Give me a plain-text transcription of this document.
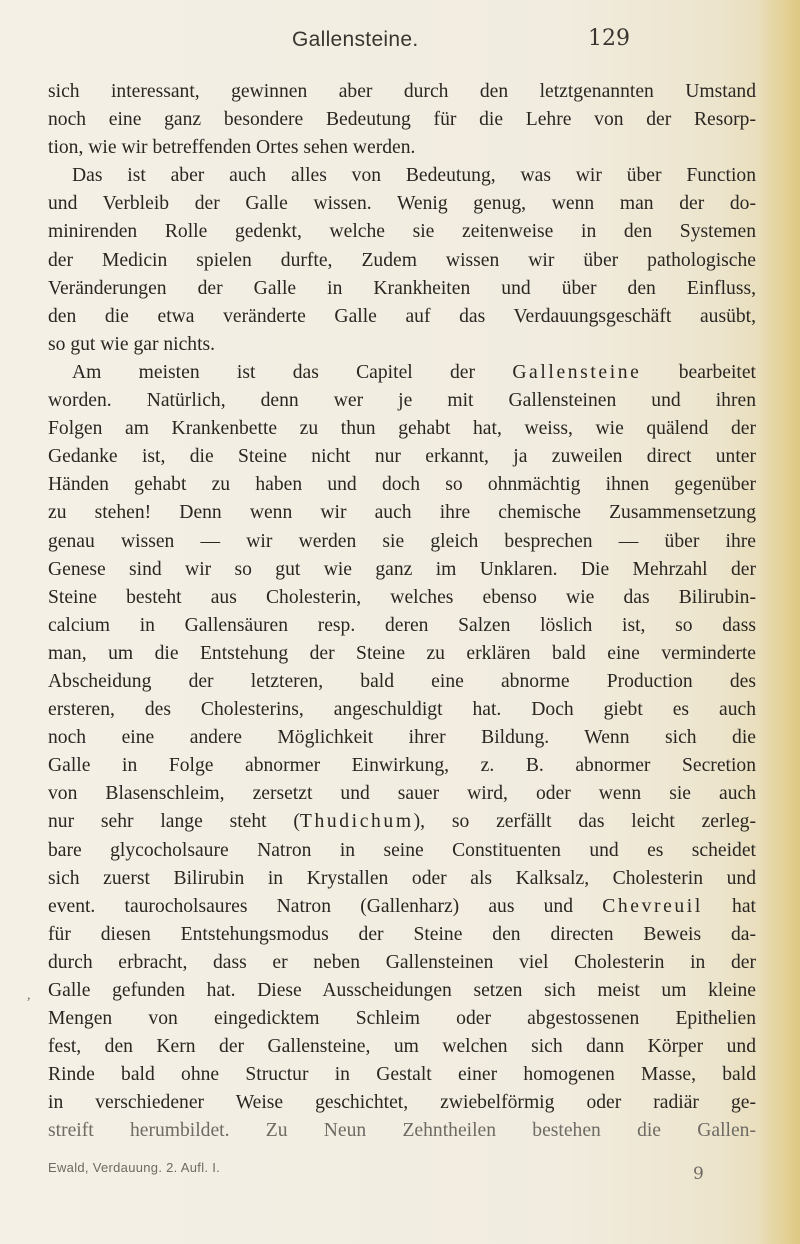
Gallensteine.	129
,
sich interessant, gewinnen aber durch den letztgenannten Umstand
noch eine ganz besondere Bedeutung für die Lehre von der Resorp-
tion, wie wir betreffenden Ortes sehen werden.
Das ist aber auch alles von Bedeutung, was wir über Function
und Verbleib der Galle wissen. Wenig genug, wenn man der do-
minirenden Rolle gedenkt, welche sie zeitenweise in den Systemen
der Medicin spielen durfte, Zudem wissen wir über pathologische
Veränderungen der Galle in Krankheiten und über den Einfluss,
den die etwa veränderte Galle auf das Verdauungsgeschäft ausübt,
so gut wie gar nichts.
Am meisten ist das Capitel der Gallensteine bearbeitet
worden. Natürlich, denn wer je mit Gallensteinen und ihren
Folgen am Krankenbette zu thun gehabt hat, weiss, wie quälend der
Gedanke ist, die Steine nicht nur erkannt, ja zuweilen direct unter
Händen gehabt zu haben und doch so ohnmächtig ihnen gegenüber
zu stehen! Denn wenn wir auch ihre chemische Zusammensetzung
genau wissen — wir werden sie gleich besprechen — über ihre
Genese sind wir so gut wie ganz im Unklaren. Die Mehrzahl der
Steine besteht aus Cholesterin, welches ebenso wie das Bilirubin-
calcium in Gallensäuren resp. deren Salzen löslich ist, so dass
man, um die Entstehung der Steine zu erklären bald eine verminderte
Abscheidung der letzteren, bald eine abnorme Production des
ersteren, des Cholesterins, angeschuldigt hat. Doch giebt es auch
noch eine andere Möglichkeit ihrer Bildung. Wenn sich die
Galle in Folge abnormer Einwirkung, z. B. abnormer Secretion
von Blasenschleim, zersetzt und sauer wird, oder wenn sie auch
nur sehr lange steht (Thudichum), so zerfällt das leicht zerleg-
bare glycocholsaure Natron in seine Constituenten und es scheidet
sich zuerst Bilirubin in Krystallen oder als Kalksalz, Cholesterin und
event. taurocholsaures Natron (Gallenharz) aus und Chevreuil hat
für diesen Entstehungsmodus der Steine den directen Beweis da-
durch erbracht, dass er neben Gallensteinen viel Cholesterin in der
Galle gefunden hat. Diese Ausscheidungen setzen sich meist um kleine
Mengen von eingedicktem Schleim oder abgestossenen Epithelien
fest, den Kern der Gallensteine, um welchen sich dann Körper und
Rinde bald ohne Structur in Gestalt einer homogenen Masse, bald
in verschiedener Weise geschichtet, zwiebelförmig oder radiär ge-
streift herumbildet. Zu Neun Zehntheilen bestehen die Gallen-
Ewald, Verdauung. 2. Aufl. I.	9
